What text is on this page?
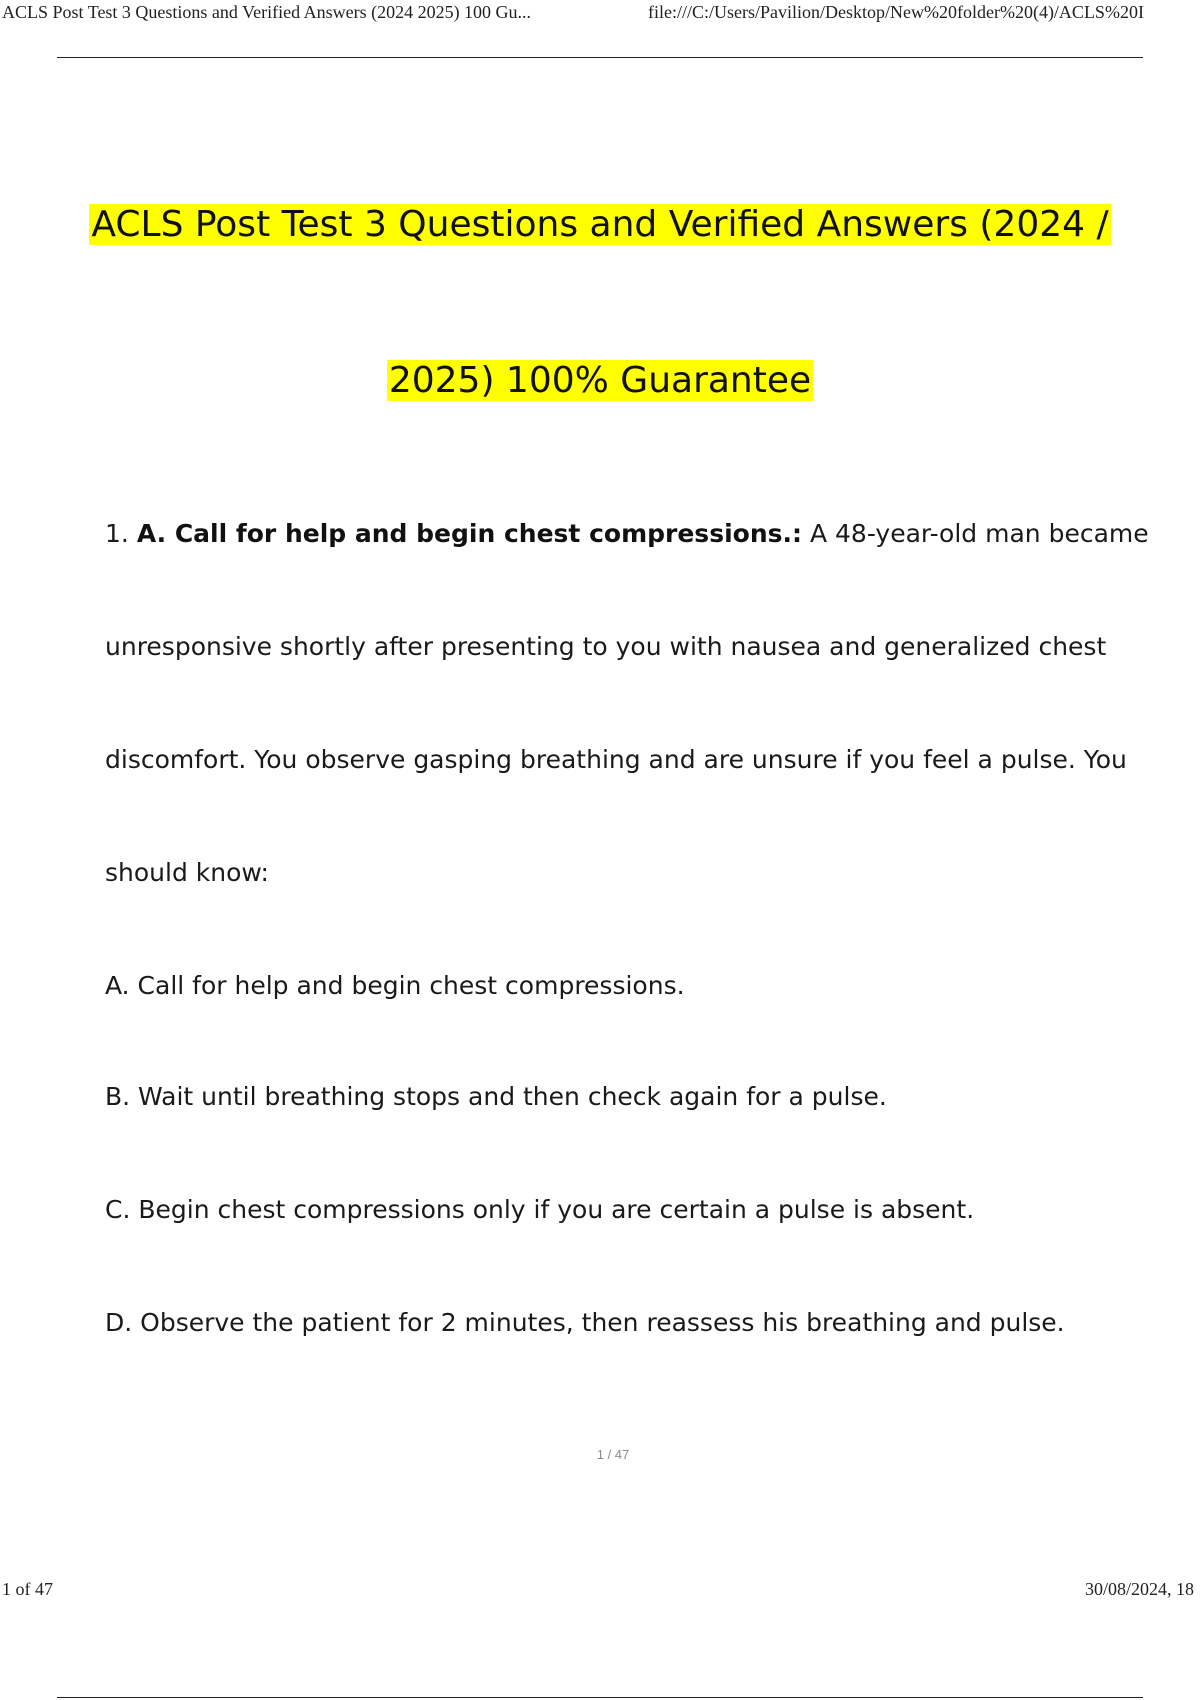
ACLS Post Test 3 Questions and Verified Answers (2024 2025) 100 Gu...	file:///C:/Users/Pavilion/Desktop/New%20folder%20(4)/ACLS%20I
ACLS Post Test 3 Questions and Verified Answers (2024 /
2025) 100% Guarantee
1. A. Call for help and begin chest compressions.: A 48-year-old man became
unresponsive shortly after presenting to you with nausea and generalized chest
discomfort. You observe gasping breathing and are unsure if you feel a pulse. You
should know:
A. Call for help and begin chest compressions.
B. Wait until breathing stops and then check again for a pulse.
C. Begin chest compressions only if you are certain a pulse is absent.
D. Observe the patient for 2 minutes, then reassess his breathing and pulse.
1 / 47
1 of 47	30/08/2024, 18
